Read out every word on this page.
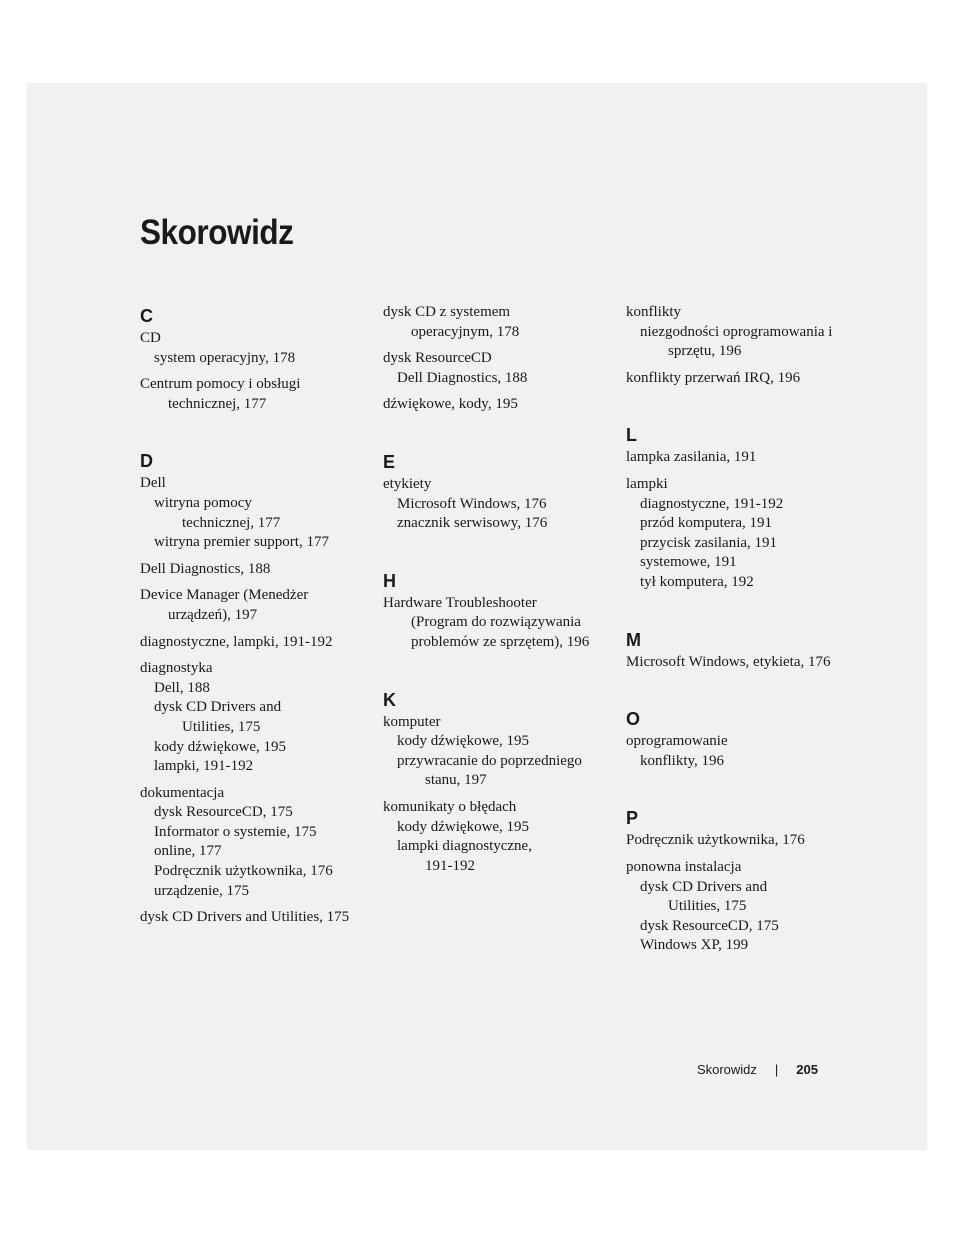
Skorowidz
C
CD
system operacyjny, 178
Centrum pomocy i obsługi
technicznej, 177
D
Dell
witryna pomocy
technicznej, 177
witryna premier support, 177
Dell Diagnostics, 188
Device Manager (Menedżer
urządzeń), 197
diagnostyczne, lampki, 191-192
diagnostyka
Dell, 188
dysk CD Drivers and
Utilities, 175
kody dźwiękowe, 195
lampki, 191-192
dokumentacja
dysk ResourceCD, 175
Informator o systemie, 175
online, 177
Podręcznik użytkownika, 176
urządzenie, 175
dysk CD Drivers and Utilities, 175
dysk CD z systemem
operacyjnym, 178
dysk ResourceCD
Dell Diagnostics, 188
dźwiękowe, kody, 195
E
etykiety
Microsoft Windows, 176
znacznik serwisowy, 176
H
Hardware Troubleshooter
(Program do rozwiązywania
problemów ze sprzętem), 196
K
komputer
kody dźwiękowe, 195
przywracanie do poprzedniego
stanu, 197
komunikaty o błędach
kody dźwiękowe, 195
lampki diagnostyczne,
191-192
konflikty
niezgodności oprogramowania i
sprzętu, 196
konflikty przerwań IRQ, 196
L
lampka zasilania, 191
lampki
diagnostyczne, 191-192
przód komputera, 191
przycisk zasilania, 191
systemowe, 191
tył komputera, 192
M
Microsoft Windows, etykieta, 176
O
oprogramowanie
konflikty, 196
P
Podręcznik użytkownika, 176
ponowna instalacja
dysk CD Drivers and
Utilities, 175
dysk ResourceCD, 175
Windows XP, 199
Skorowidz | 205
